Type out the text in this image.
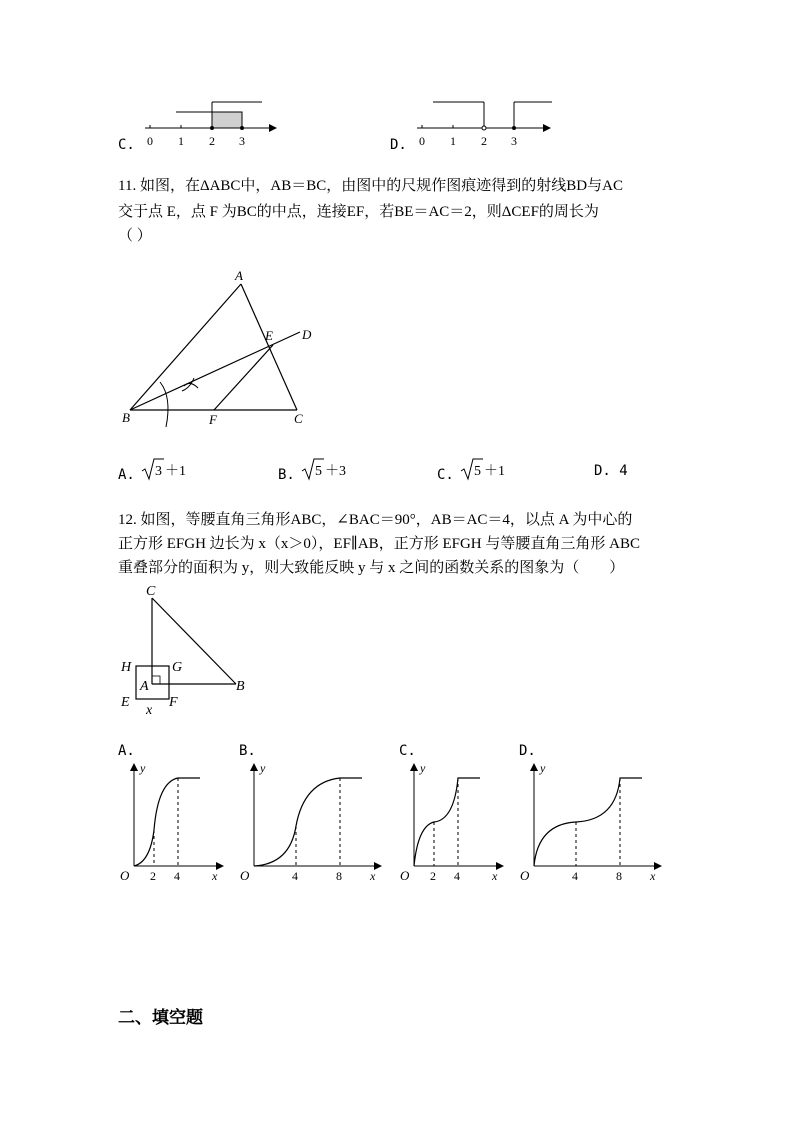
C. 0 1 2 3	D. 0 1 2 3
11. 如图，在ΔABC中，AB＝BC，由图中的尺规作图痕迹得到的射线BD与AC
交于点 E，点 F 为BC的中点，连接EF，若BE＝AC＝2，则ΔCEF的周长为
（ ）
A
B	C
D
E
F
A. 3 ＋1	B. 5 ＋3	C. 5 ＋1	D. 4
12. 如图，等腰直角三角形ABC，∠BAC＝90°，AB＝AC＝4，以点 A 为中心的
正方形 EFGH 边长为 x（x＞0），EF∥AB，正方形 EFGH 与等腰直角三角形 ABC
重叠部分的面积为 y，则大致能反映 y 与 x 之间的函数关系的图象为（　　）
C
H	G
A	B
E	F
x
A.
y
O 2 4	x
B.
y
O	4	8 x
C.
y
O 2 4	x
D.
y
O	4	8 x
二、填空题
